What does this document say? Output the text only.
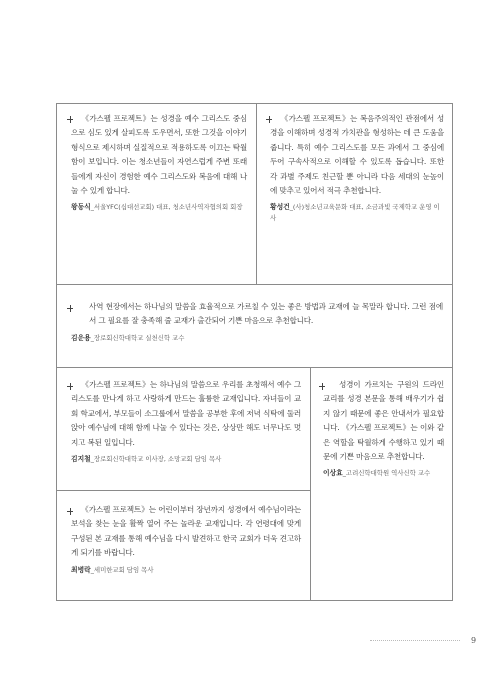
《가스펠 프로젝트》는 성경을 예수 그리스도 중심으로 심도 있게 살피도록 도우면서, 또한 그것을 이야기 형식으로 제시하며 실질적으로 적용하도록 이끄는 탁월함이 보입니다. 이는 청소년들이 자연스럽게 주변 또래들에게 자신이 경험한 예수 그리스도와 복음에 대해 나눌 수 있게 합니다.

왕동식_서울YFC(십대선교회) 대표, 청소년사역자협의회 회장

《가스펠 프로젝트》는 복음주의적인 관점에서 성경을 이해하며 성경적 가치관을 형성하는 데 큰 도움을 줍니다. 특히 예수 그리스도를 모든 과에서 그 중심에 두어 구속사적으로 이해할 수 있도록 돕습니다. 또한 각 과별 주제도 친근할 뿐 아니라 다음 세대의 눈높이에 맞추고 있어서 적극 추천합니다.

황성건_(사)청소년교육문화 대표, 소금과빛 국제학교 운영 이사

사역 현장에서는 하나님의 말씀을 효율적으로 가르칠 수 있는 좋은 방법과 교재에 늘 목말라 합니다. 그런 점에서 그 필요를 잘 충족해 줄 교재가 출간되어 기쁜 마음으로 추천합니다.

김운용_장로회신학대학교 실천신학 교수

《가스펠 프로젝트》는 하나님의 말씀으로 우리를 초청해서 예수 그리스도를 만나게 하고 사랑하게 만드는 훌륭한 교재입니다. 자녀들이 교회 학교에서, 부모들이 소그룹에서 말씀을 공부한 후에 저녁 식탁에 둘러 앉아 예수님에 대해 함께 나눌 수 있다는 것은, 상상만 해도 너무나도 멋지고 복된 일입니다.

김지철_장로회신학대학교 이사장, 소망교회 담임 목사

성경이 가르치는 구원의 드라인 교리를 성경 본문을 통해 배우기가 쉽지 않기 때문에 좋은 안내서가 필요합니다. 《가스펠 프로젝트》는 이와 같은 역할을 탁월하게 수행하고 있기 때문에 기쁜 마음으로 추천합니다.

이상효_고려신학대학원 역사신학 교수

《가스펠 프로젝트》는 어린이부터 장년까지 성경에서 예수님이라는 보석을 찾는 눈을 활짝 열어 주는 놀라운 교재입니다. 각 연령대에 맞게 구성된 본 교재를 통해 예수님을 다시 발견하고 한국 교회가 더욱 견고하게 되기를 바랍니다.

최병락_세미한교회 담임 목사
9
